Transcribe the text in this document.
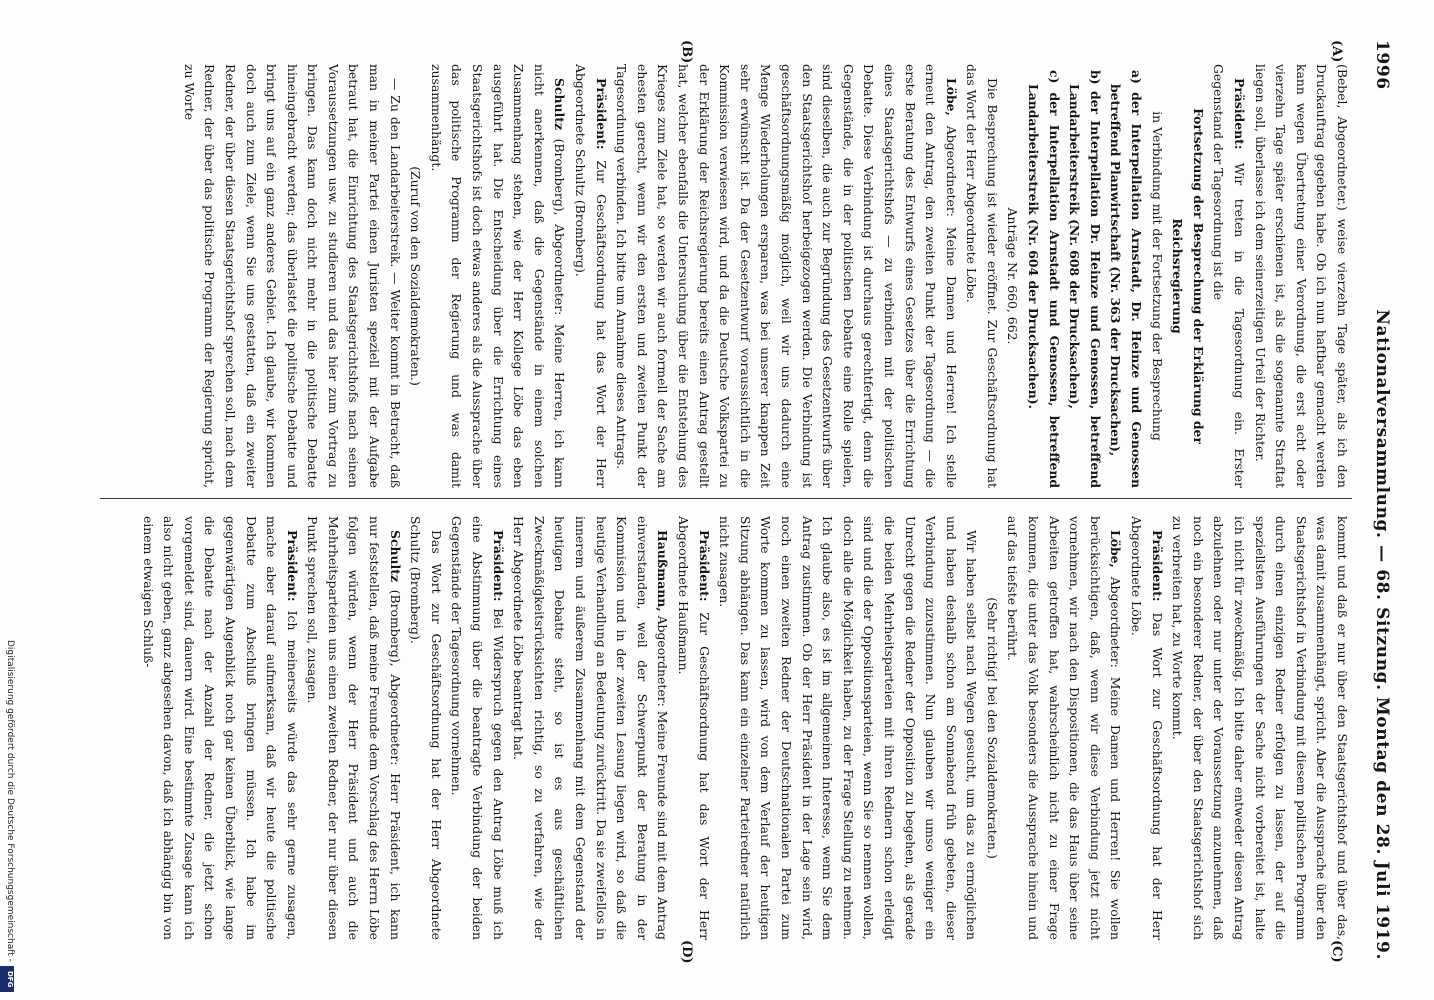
1996
Nationalversammlung. — 68. Sitzung.
Montag den 28. Juli 1919.
(A)
(B)
(C)
(D)

(Bebel, Abgeordneter.) weise vierzehn Tage später, als ich den Druckauftrag gegeben habe. Ob ich nun haftbar gemacht werden kann wegen Übertretung einer Verordnung, die erst acht oder vierzehn Tage später erschienen ist, als die sogenannte Straftat liegen soll, überlasse ich dem seinerzeitigen Urteil der Richter.

Präsident: Wir treten in die Tagesordnung ein. Erster Gegenstand der Tagesordnung ist die

Fortsetzung der Besprechung der Erklärung der Reichsregierung

in Verbindung mit der Fortsetzung der Besprechung

a) der Interpellation Arnstadt, Dr. Heinze und Genossen betreffend Planwirtschaft (Nr. 363 der Drucksachen),

b) der Interpellation Dr. Heinze und Genossen, betreffend Landarbeiterstreik (Nr. 608 der Drucksachen),

c) der Interpellation Arnstadt und Genossen, betreffend Landarbeiterstreik (Nr. 604 der Drucksachen).

Anträge Nr. 660, 662.

Die Besprechung ist wieder eröffnet. Zur Geschäftsordnung hat das Wort der Herr Abgeordnete Löbe.

Löbe, Abgeordneter: Meine Damen und Herren! Ich stelle erneut den Antrag, den zweiten Punkt der Tagesordnung — die erste Beratung des Entwurfs eines Gesetzes über die Errichtung eines Staatsgerichtshofs — zu verbinden mit der politischen Debatte. Diese Verbindung ist durchaus gerechtfertigt, denn die Gegenstände, die in der politischen Debatte eine Rolle spielen, sind dieselben, die auch zur Begründung des Gesetzentwurfs über den Staatsgerichtshof herbeigezogen werden. Die Verbindung ist geschäftsordnungsmäßig möglich, weil wir uns dadurch eine Menge Wiederholungen ersparen, was bei unserer knappen Zeit sehr erwünscht ist. Da der Gesetzentwurf voraussichtlich in die Kommission verwiesen wird, und da die Deutsche Volkspartei zu der Erklärung der Reichsregierung bereits einen Antrag gestellt hat, welcher ebenfalls die Untersuchung über die Entstehung des Krieges zum Ziele hat, so werden wir auch formell der Sache am ehesten gerecht, wenn wir den ersten und zweiten Punkt der Tagesordnung verbinden. Ich bitte um Annahme dieses Antrags.

Präsident: Zur Geschäftsordnung hat das Wort der Herr Abgeordnete Schultz (Bromberg).

Schultz (Bromberg), Abgeordneter: Meine Herren, ich kann nicht anerkennen, daß die Gegenstände in einem solchen Zusammenhang stehen, wie der Herr Kollege Löbe das eben ausgeführt hat. Die Entscheidung über die Errichtung eines Staatsgerichtshofs ist doch etwas anderes als die Aussprache über das politische Programm der Regierung und was damit zusammenhängt.

(Zuruf von den Sozialdemokraten.)

— Zu den Landarbeiterstreik. — Weiter kommt in Betracht, daß man in meiner Partei einen Juristen speziell mit der Aufgabe betraut hat, die Einrichtung des Staatsgerichtshofs nach seinen Voraussetzungen usw. zu studieren und das hier zum Vortrag zu bringen. Das kann doch nicht mehr in die politische Debatte hineingebracht werden; das überlastet die politische Debatte und bringt uns auf ein ganz anderes Gebiet. Ich glaube, wir kommen doch auch zum Ziele, wenn Sie uns gestatten, daß ein zweiter Redner, der über diesen Staatsgerichtshof sprechen soll, nach dem Redner, der über das politische Programm der Regierung spricht, zu Worte

kommt und daß er nur über den Staatsgerichtshof und über das, was damit zusammenhängt, spricht. Aber die Aussprache über den Staatsgerichtshof in Verbindung mit diesem politischen Programm durch einen einzigen Redner erfolgen zu lassen, der auf die speziellsten Ausführungen der Sache nicht vorbereitet ist, halte ich nicht für zweckmäßig. Ich bitte daher entweder diesen Antrag abzulehnen oder nur unter der Voraussetzung anzunehmen, daß noch ein besonderer Redner, der über den Staatsgerichtshof sich zu verbreiten hat, zu Worte kommt.

Präsident: Das Wort zur Geschäftsordnung hat der Herr Abgeordnete Löbe.

Löbe, Abgeordneter: Meine Damen und Herren! Sie wollen berücksichtigen, daß, wenn wir diese Verbindung jetzt nicht vornehmen, wir nach den Dispositionen, die das Haus über seine Arbeiten getroffen hat, wahrscheinlich nicht zu einer Frage kommen, die unter das Volk besonders die Aussprache hinein und auf das tiefste berührt.

(Sehr richtig! bei den Sozialdemokraten.)

Wir haben selbst nach Wegen gesucht, um das zu ermöglichen und haben deshalb schon am Sonnabend früh gebeten, dieser Verbindung zuzustimmen. Nun glauben wir umso weniger ein Unrecht gegen die Redner der Opposition zu begehen, als gerade die beiden Mehrheitsparteien mit ihren Rednern schon erledigt sind und die der Oppositionsparteien, wenn Sie so nennen wollen, doch alle die Möglichkeit haben, zu der Frage Stellung zu nehmen. Ich glaube also, es ist im allgemeinen Interesse, wenn Sie dem Antrag zustimmen. Ob der Herr Präsident in der Lage sein wird, noch einen zweiten Redner der Deutschnationalen Partei zum Worte kommen zu lassen, wird von dem Verlauf der heutigen Sitzung abhängen. Das kann ein einzelner Parteiredner natürlich nicht zusagen.

Präsident: Zur Geschäftsordnung hat das Wort der Herr Abgeordnete Haußmann.

Haußmann, Abgeordneter: Meine Freunde sind mit dem Antrag einverstanden, weil der Schwerpunkt der Beratung in der Kommission und in der zweiten Lesung liegen wird, so daß die heutige Verhandlung an Bedeutung zurücktritt. Da sie zweifellos in innerem und äußerem Zusammenhang mit dem Gegenstand der heutigen Debatte steht, so ist es aus geschäftlichen Zweckmäßigkeitsrücksichten richtig, so zu verfahren, wie der Herr Abgeordnete Löbe beantragt hat.

Präsident: Bei Widerspruch gegen den Antrag Löbe muß ich eine Abstimmung über die beantragte Verbindung der beiden Gegenstände der Tagesordnung vornehmen.

Das Wort zur Geschäftsordnung hat der Herr Abgeordnete Schultz (Bromberg).

Schultz (Bromberg), Abgeordneter: Herr Präsident, ich kann nur feststellen, daß meine Freunde dem Vorschlag des Herrn Löbe folgen würden, wenn der Herr Präsident und auch die Mehrheitsparteien uns einen zweiten Redner, der nur über diesen Punkt sprechen soll, zusagen.

Präsident: Ich meinerseits würde das sehr gerne zusagen, mache aber darauf aufmerksam, daß wir heute die politische Debatte zum Abschluß bringen müssen. Ich habe im gegenwärtigen Augenblick noch gar keinen Überblick, wie lange die Debatte nach der Anzahl der Redner, die jetzt schon vorgemeldet sind, dauern wird. Eine bestimmte Zusage kann ich also nicht geben, ganz abgesehen davon, daß ich abhängig bin von einem etwaigen Schluß-

Digitalisierung gefördert durch die Deutsche Forschungsgemeinschaft -
DFG
